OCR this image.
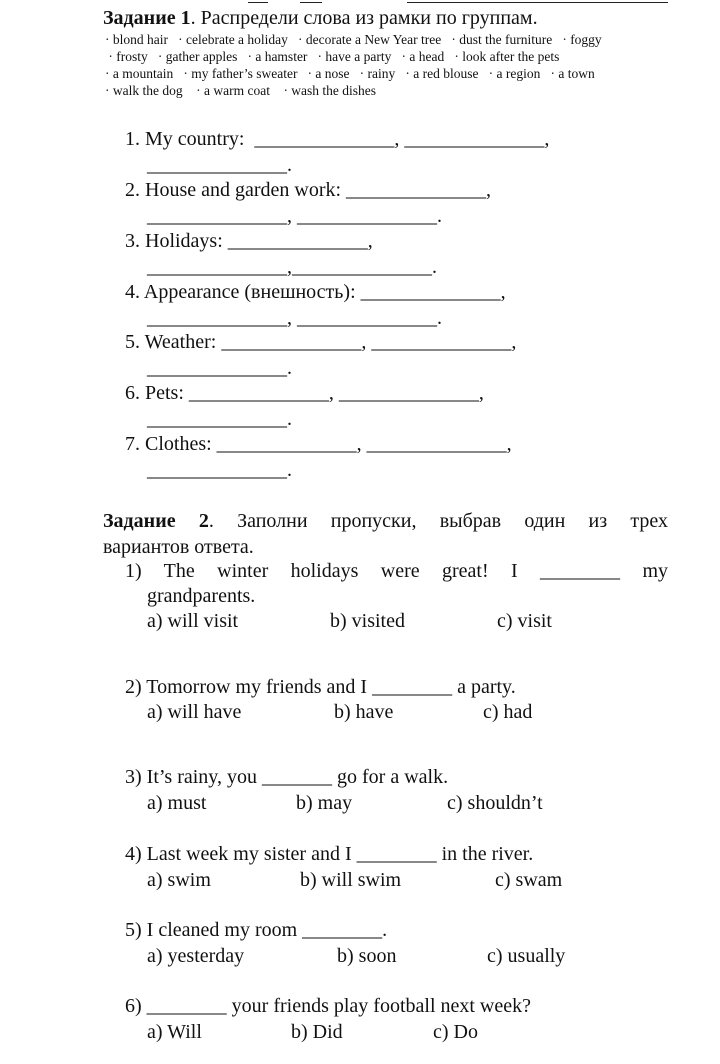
Задание 1. Распредели слова из рамки по группам.
· blond hair   · celebrate a holiday   · decorate a New Year tree   · dust the furniture   · foggy
· frosty   · gather apples   · a hamster   · have a party   · a head   · look after the pets
· a mountain   · my father’s sweater   · a nose   · rainy   · a red blouse   · a region   · a town
· walk the dog    · a warm coat    · wash the dishes
1. My country:  ______________, ______________,
______________.
2. House and garden work: ______________,
______________, ______________.
3. Holidays: ______________,
______________,______________.
4. Appearance (внешность): ______________,
______________, ______________.
5. Weather: ______________, ______________,
______________.
6. Pets: ______________, ______________,
______________.
7. Clothes: ______________, ______________,
______________.
Задание 2. Заполни пропуски, выбрав один из трех
вариантов ответа.
1) The winter holidays were great! I ________ my
grandparents.
a) will visit	b) visited	c) visit
2) Tomorrow my friends and I ________ a party.
a) will have	b) have	c) had
3) It’s rainy, you _______ go for a walk.
a) must	b) may	c) shouldn’t
4) Last week my sister and I ________ in the river.
a) swim	b) will swim	c) swam
5) I cleaned my room ________.
a) yesterday	b) soon	c) usually
6) ________ your friends play football next week?
a) Will	b) Did	c) Do
